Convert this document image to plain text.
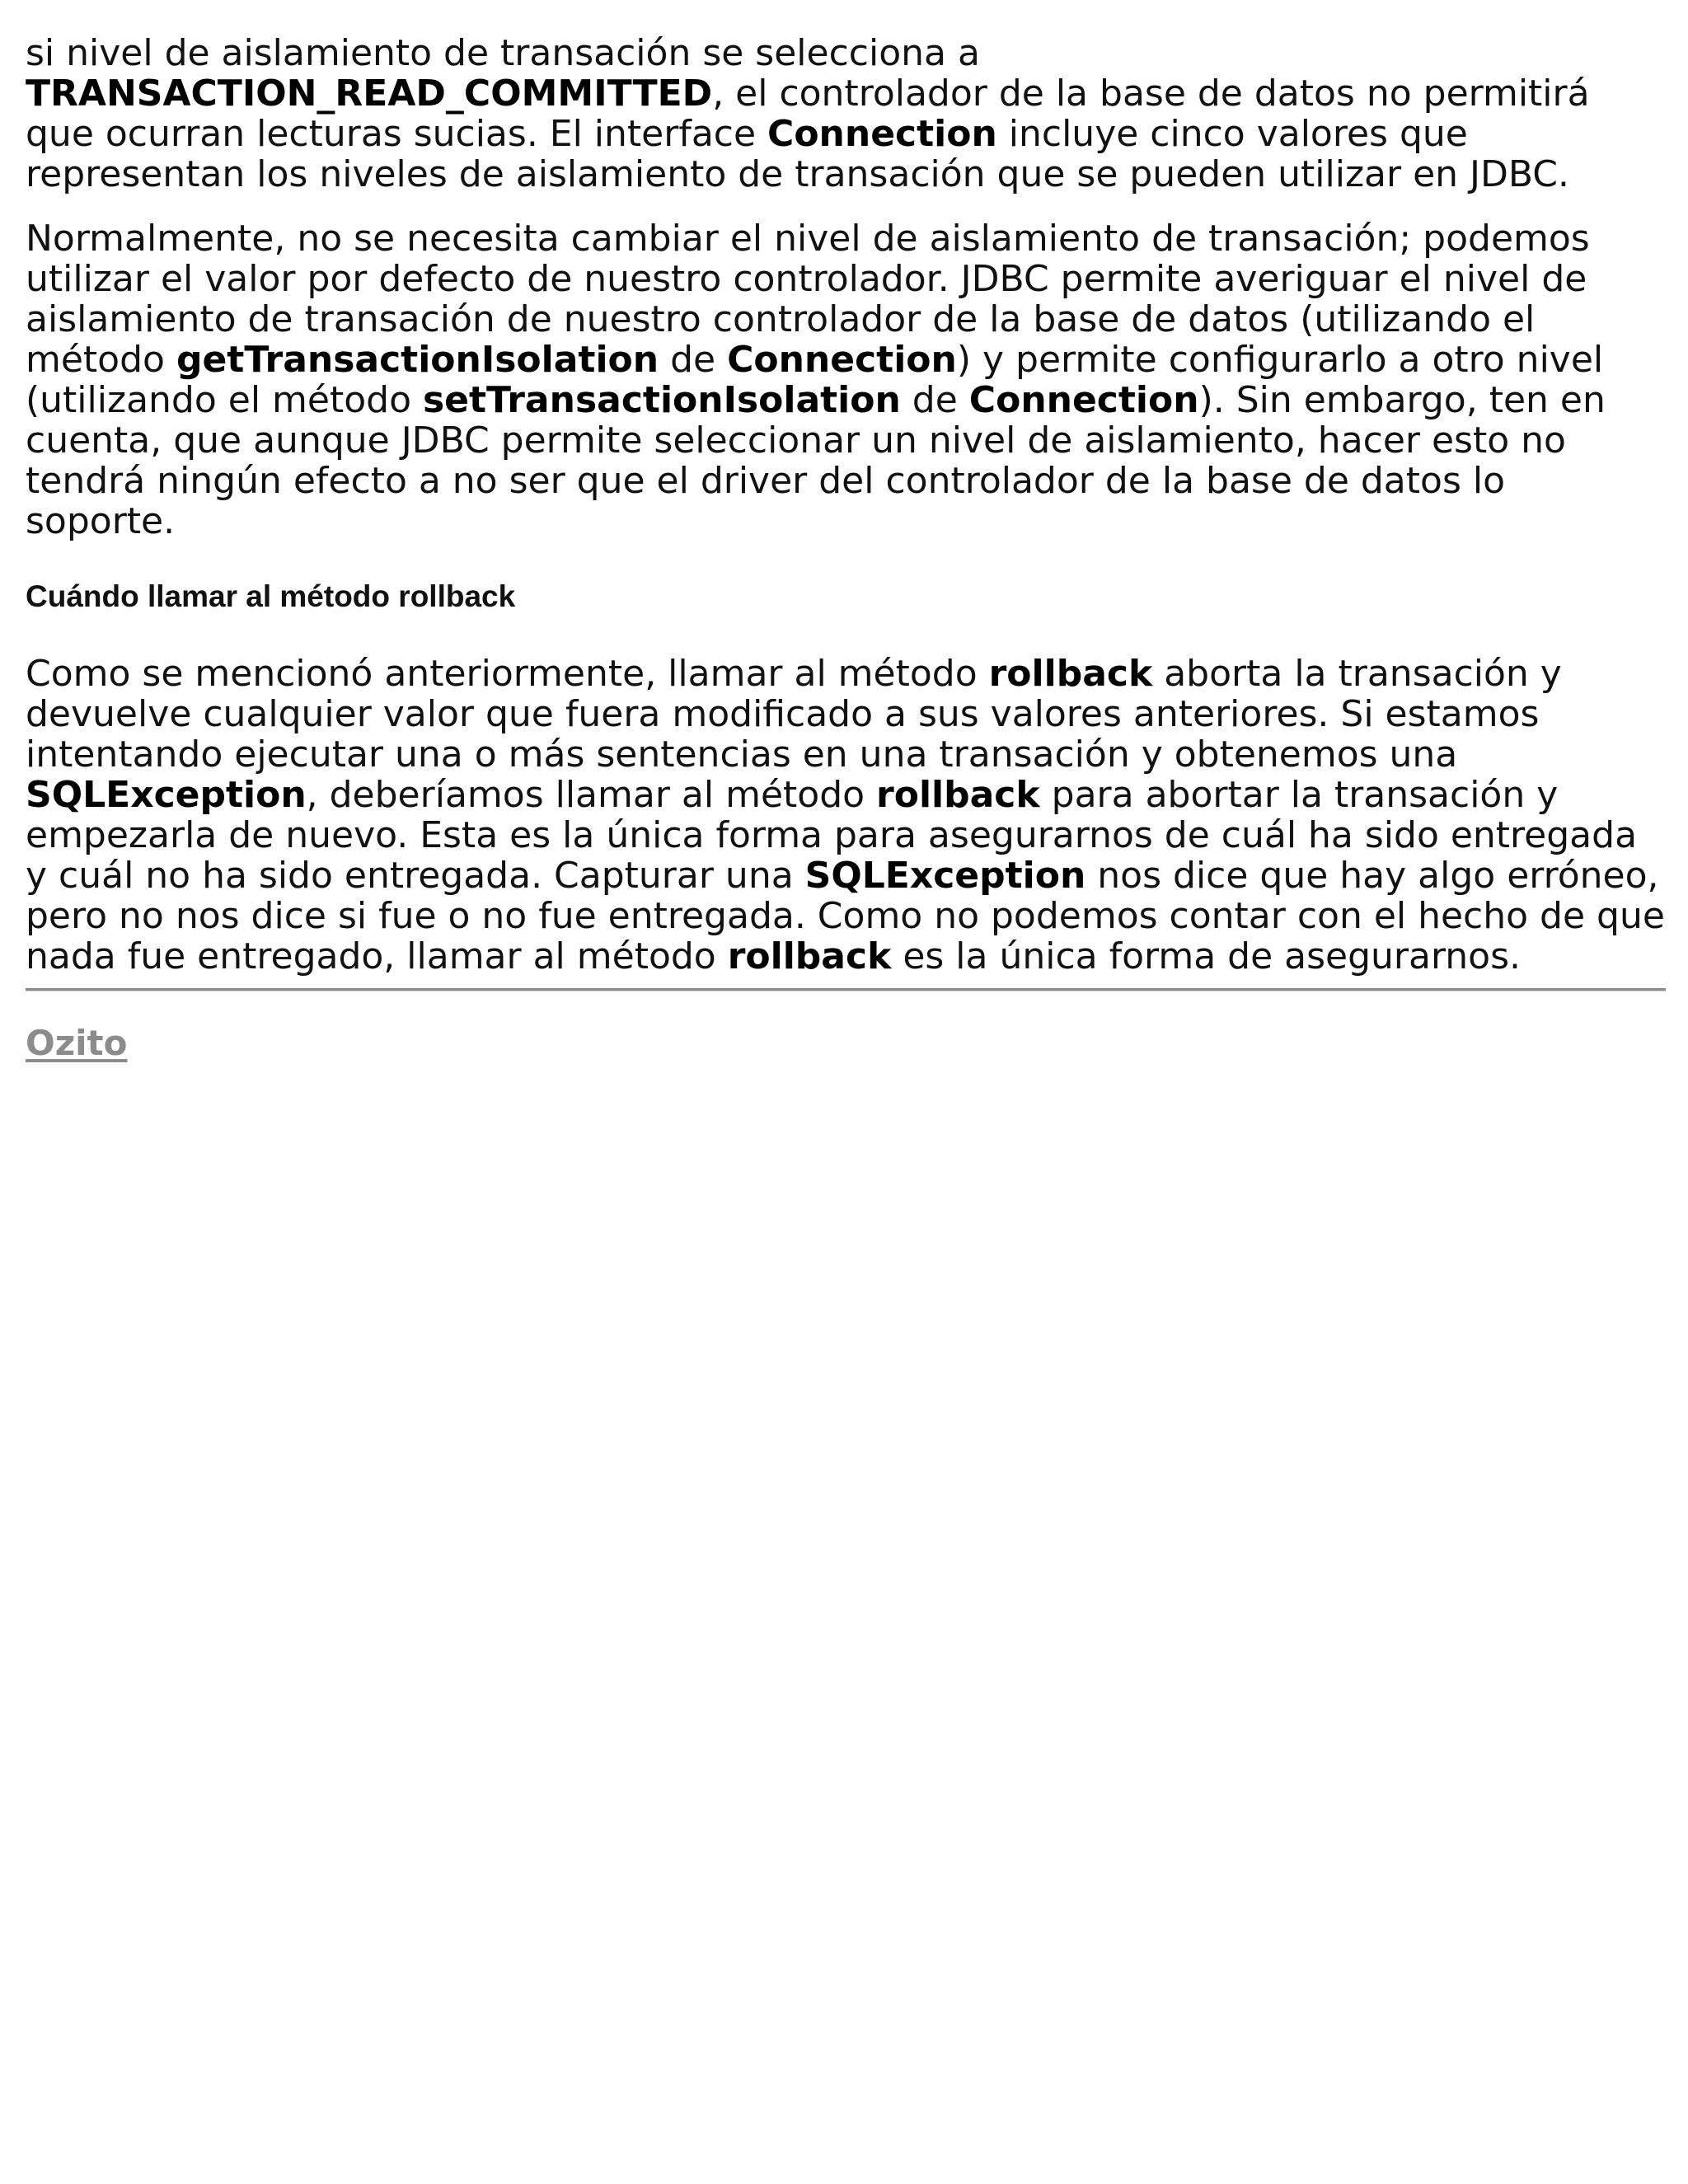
si nivel de aislamiento de transación se selecciona a TRANSACTION_READ_COMMITTED, el controlador de la base de datos no permitirá que ocurran lecturas sucias. El interface Connection incluye cinco valores que representan los niveles de aislamiento de transación que se pueden utilizar en JDBC.

Normalmente, no se necesita cambiar el nivel de aislamiento de transación; podemos utilizar el valor por defecto de nuestro controlador. JDBC permite averiguar el nivel de aislamiento de transación de nuestro controlador de la base de datos (utilizando el método getTransactionIsolation de Connection) y permite configurarlo a otro nivel (utilizando el método setTransactionIsolation de Connection). Sin embargo, ten en cuenta, que aunque JDBC permite seleccionar un nivel de aislamiento, hacer esto no tendrá ningún efecto a no ser que el driver del controlador de la base de datos lo soporte.

Cuándo llamar al método rollback

Como se mencionó anteriormente, llamar al método rollback aborta la transación y devuelve cualquier valor que fuera modificado a sus valores anteriores. Si estamos intentando ejecutar una o más sentencias en una transación y obtenemos una SQLException, deberíamos llamar al método rollback para abortar la transación y empezarla de nuevo. Esta es la única forma para asegurarnos de cuál ha sido entregada y cuál no ha sido entregada. Capturar una SQLException nos dice que hay algo erróneo, pero no nos dice si fue o no fue entregada. Como no podemos contar con el hecho de que nada fue entregado, llamar al método rollback es la única forma de asegurarnos.

Ozito
